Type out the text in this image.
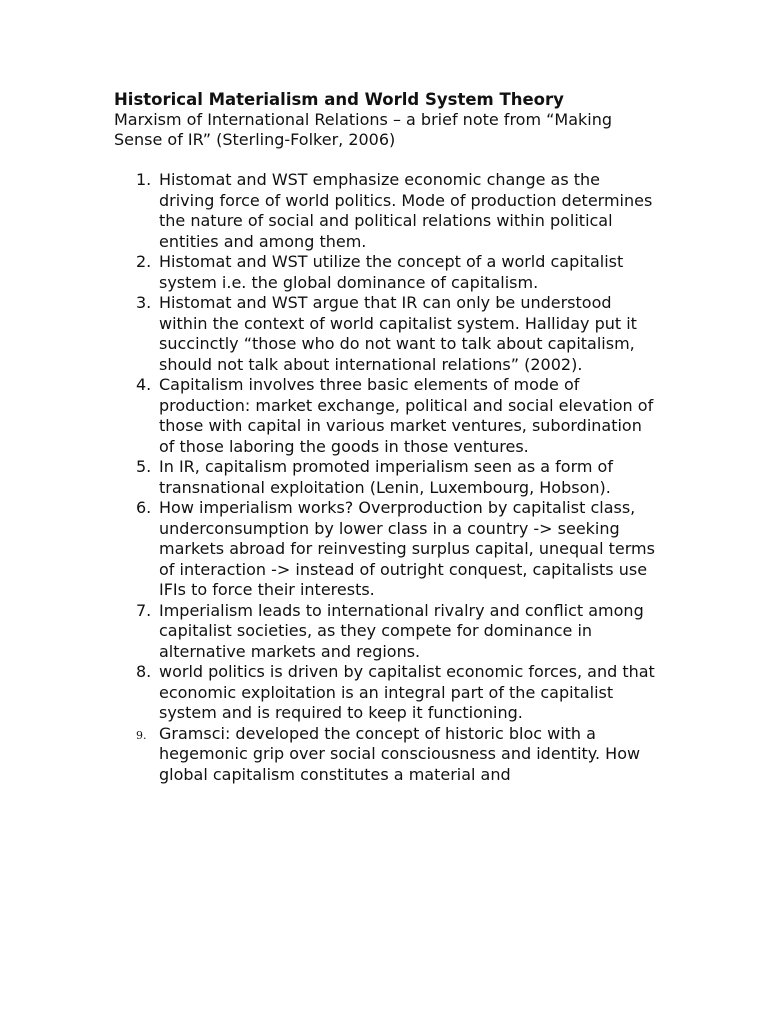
Historical Materialism and World System Theory

Marxism of International Relations – a brief note from “Making Sense of IR” (Sterling-Folker, 2006)

1. Histomat and WST emphasize economic change as the driving force of world politics. Mode of production determines the nature of social and political relations within political entities and among them.
2. Histomat and WST utilize the concept of a world capitalist system i.e. the global dominance of capitalism.
3. Histomat and WST argue that IR can only be understood within the context of world capitalist system. Halliday put it succinctly “those who do not want to talk about capitalism, should not talk about international relations” (2002).
4. Capitalism involves three basic elements of mode of production: market exchange, political and social elevation of those with capital in various market ventures, subordination of those laboring the goods in those ventures.
5. In IR, capitalism promoted imperialism seen as a form of transnational exploitation (Lenin, Luxembourg, Hobson).
6. How imperialism works? Overproduction by capitalist class, underconsumption by lower class in a country -> seeking markets abroad for reinvesting surplus capital, unequal terms of interaction -> instead of outright conquest, capitalists use IFIs to force their interests.
7. Imperialism leads to international rivalry and conflict among capitalist societies, as they compete for dominance in alternative markets and regions.
8. world politics is driven by capitalist economic forces, and that economic exploitation is an integral part of the capitalist system and is required to keep it functioning.
9. Gramsci: developed the concept of historic bloc with a hegemonic grip over social consciousness and identity. How global capitalism constitutes a material and
